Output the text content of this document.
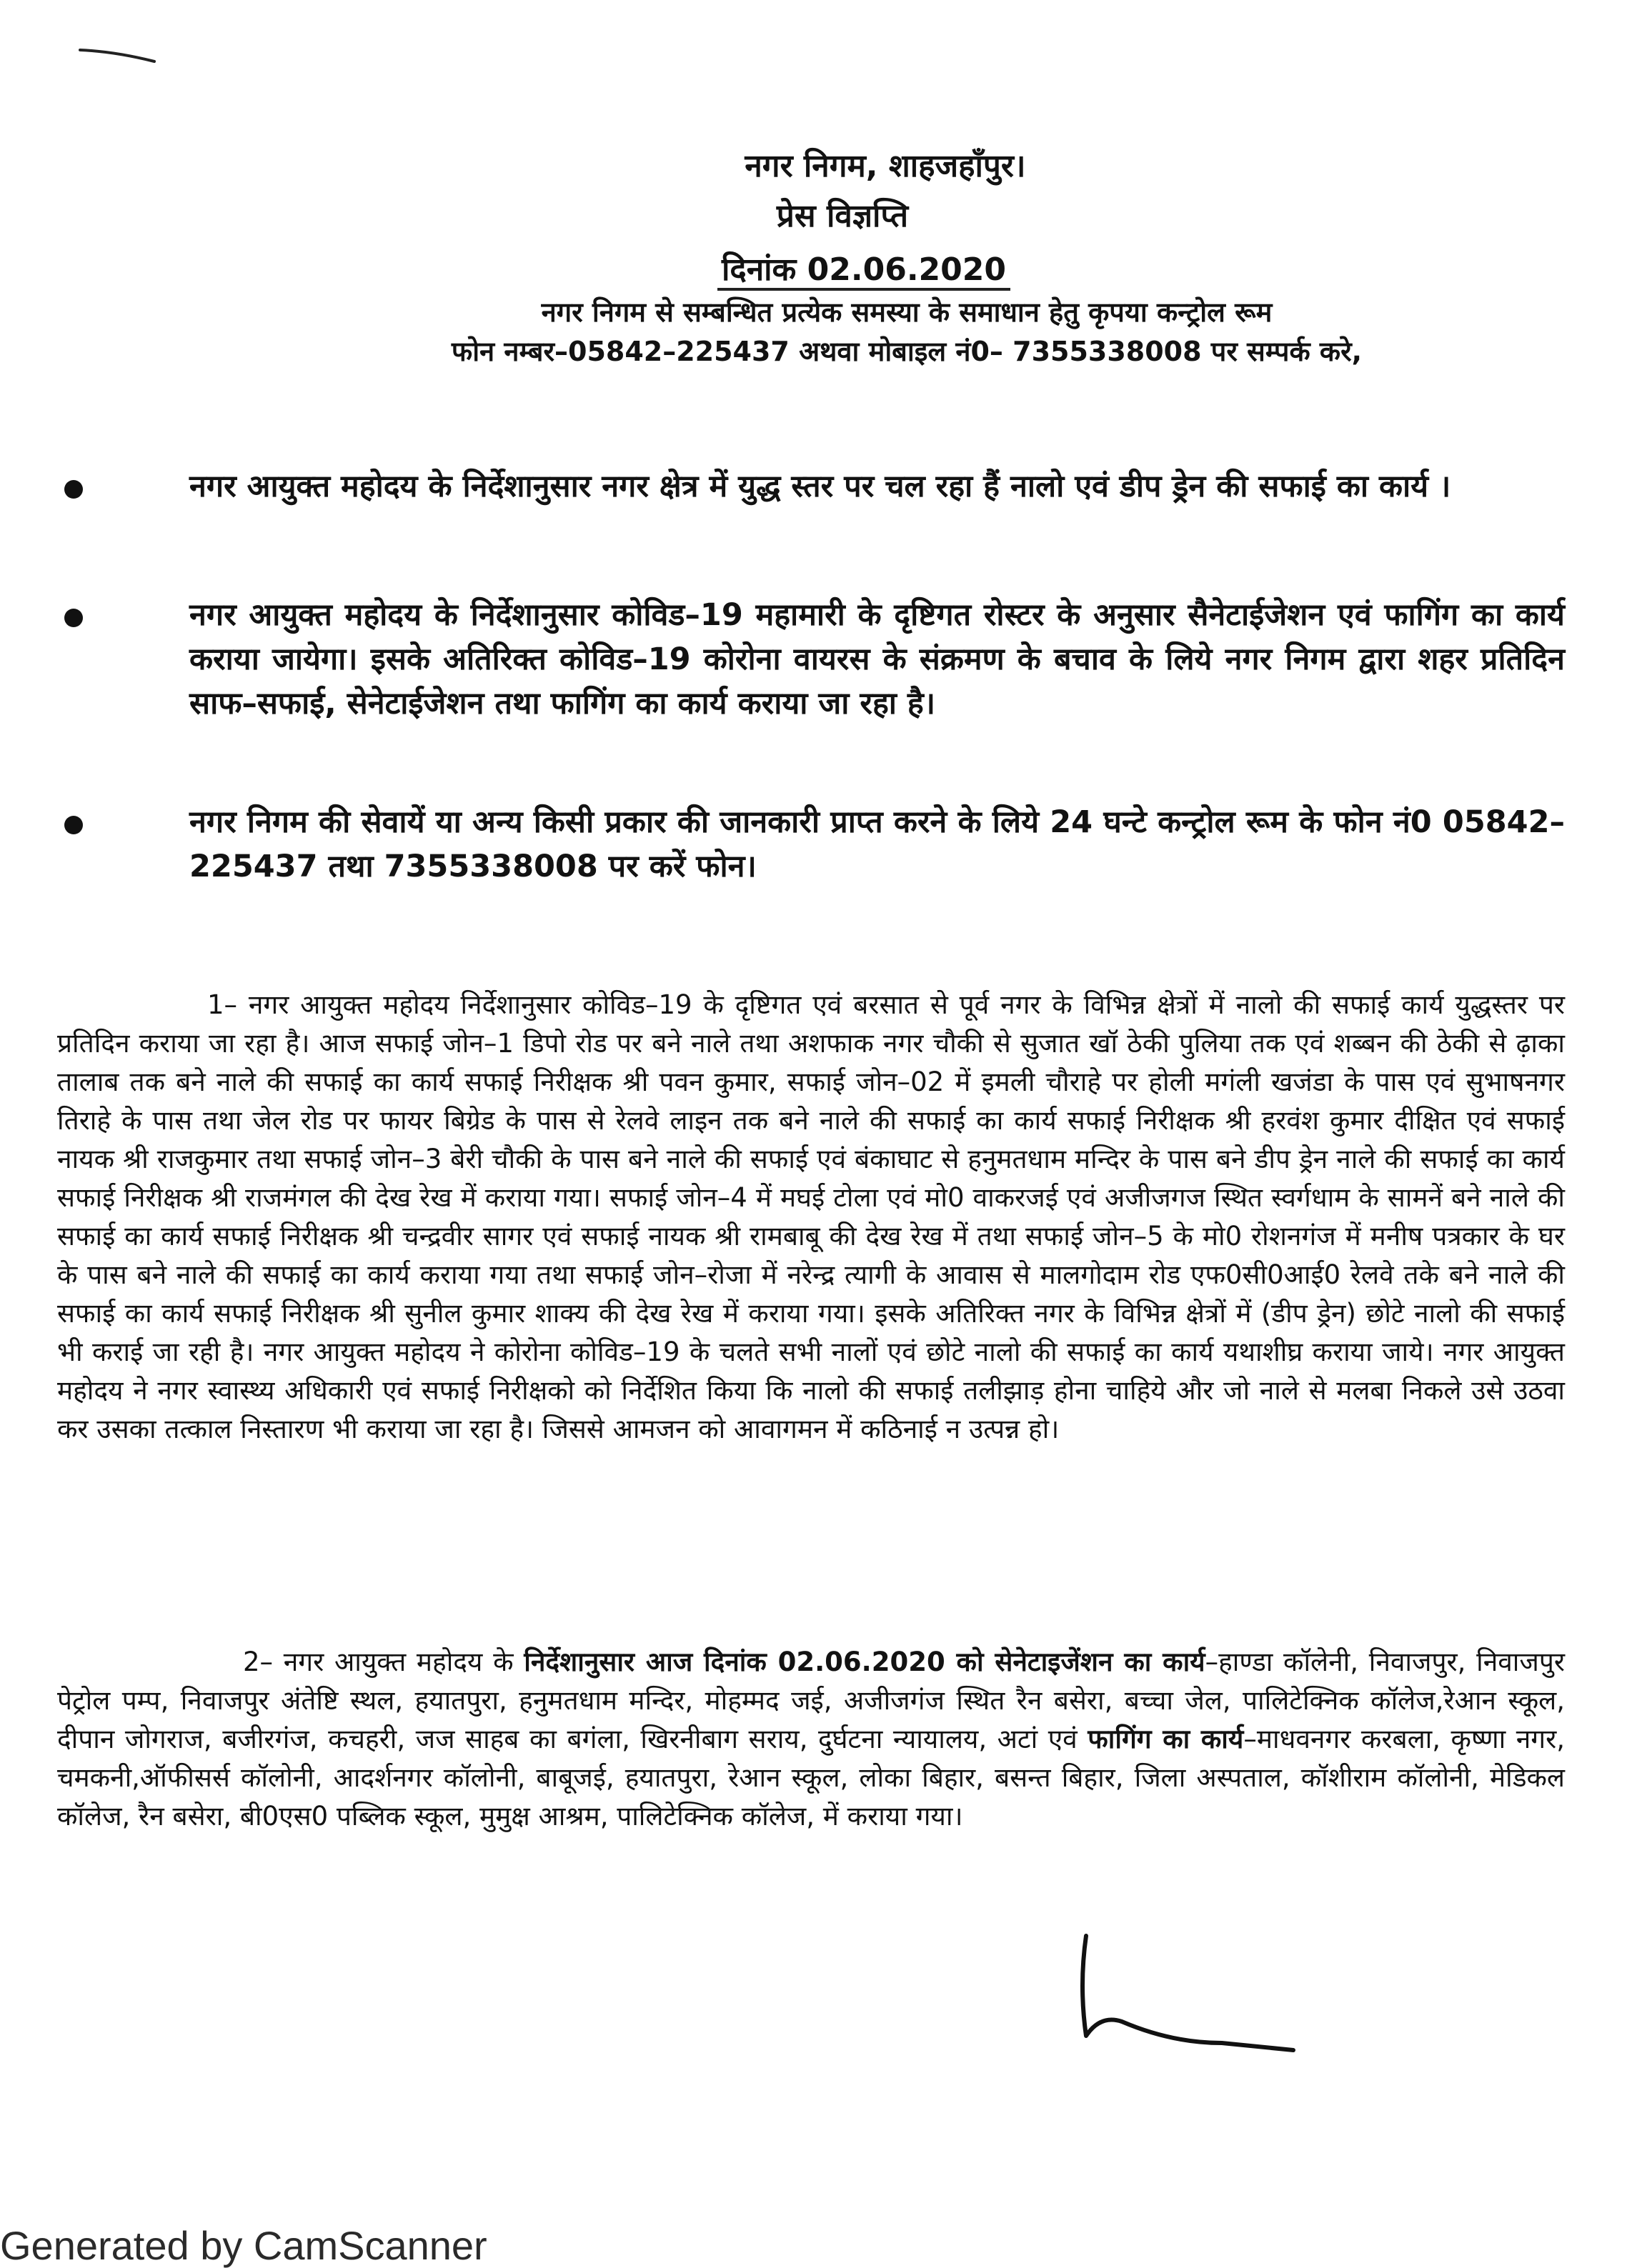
नगर निगम, शाहजहाँपुर।
प्रेस विज्ञप्ति
दिनांक 02.06.2020
नगर निगम से सम्बन्धित प्रत्येक समस्या के समाधान हेतु कृपया कन्ट्रोल रूम
फोन नम्बर–05842–225437 अथवा मोबाइल नं0– 7355338008 पर सम्पर्क करे,

नगर आयुक्त महोदय के निर्देशानुसार नगर क्षेत्र में युद्ध स्तर पर चल रहा हैं नालो एवं डीप ड्रेन की सफाई का कार्य ।

नगर आयुक्त महोदय के निर्देशानुसार कोविड–19 महामारी के दृष्टिगत रोस्टर के अनुसार सैनेटाईजेशन एवं फागिंग का कार्य कराया जायेगा। इसके अतिरिक्त कोविड–19 कोरोना वायरस के संक्रमण के बचाव के लिये नगर निगम द्वारा शहर प्रतिदिन साफ–सफाई, सेनेटाईजेशन तथा फागिंग का कार्य कराया जा रहा है।

नगर निगम की सेवायें या अन्य किसी प्रकार की जानकारी प्राप्त करने के लिये 24 घन्टे कन्ट्रोल रूम के फोन नं0 05842–225437 तथा 7355338008 पर करें फोन।

1– नगर आयुक्त महोदय निर्देशानुसार कोविड–19 के दृष्टिगत एवं बरसात से पूर्व नगर के विभिन्न क्षेत्रों में नालो की सफाई कार्य युद्धस्तर पर प्रतिदिन कराया जा रहा है। आज सफाई जोन–1 डिपो रोड पर बने नाले तथा अशफाक नगर चौकी से सुजात खॉ ठेकी पुलिया तक एवं शब्बन की ठेकी से ढ़ाका तालाब तक बने नाले की सफाई का कार्य सफाई निरीक्षक श्री पवन कुमार, सफाई जोन–02 में इमली चौराहे पर होली मगंली खजंडा के पास एवं सुभाषनगर तिराहे के पास तथा जेल रोड पर फायर बिग्रेड के पास से रेलवे लाइन तक बने नाले की सफाई का कार्य सफाई निरीक्षक श्री हरवंश कुमार दीक्षित एवं सफाई नायक श्री राजकुमार तथा सफाई जोन–3 बेरी चौकी के पास बने नाले की सफाई एवं बंकाघाट से हनुमतधाम मन्दिर के पास बने डीप ड्रेन नाले की सफाई का कार्य सफाई निरीक्षक श्री राजमंगल की देख रेख में कराया गया। सफाई जोन–4 में मघई टोला एवं मो0 वाकरजई एवं अजीजगज स्थित स्वर्गधाम के सामनें बने नाले की सफाई का कार्य सफाई निरीक्षक श्री चन्द्रवीर सागर एवं सफाई नायक श्री रामबाबू की देख रेख में तथा सफाई जोन–5 के मो0 रोशनगंज में मनीष पत्रकार के घर के पास बने नाले की सफाई का कार्य कराया गया तथा सफाई जोन–रोजा में नरेन्द्र त्यागी के आवास से मालगोदाम रोड एफ0सी0आई0 रेलवे तके बने नाले की सफाई का कार्य सफाई निरीक्षक श्री सुनील कुमार शाक्य की देख रेख में कराया गया। इसके अतिरिक्त नगर के विभिन्न क्षेत्रों में (डीप ड्रेन) छोटे नालो की सफाई भी कराई जा रही है। नगर आयुक्त महोदय ने कोरोना कोविड–19 के चलते सभी नालों एवं छोटे नालो की सफाई का कार्य यथाशीघ्र कराया जाये। नगर आयुक्त महोदय ने नगर स्वास्थ्य अधिकारी एवं सफाई निरीक्षको को निर्देशित किया कि नालो की सफाई तलीझाड़ होना चाहिये और जो नाले से मलबा निकले उसे उठवा कर उसका तत्काल निस्तारण भी कराया जा रहा है। जिससे आमजन को आवागमन में कठिनाई न उत्पन्न हो।

2– नगर आयुक्त महोदय के निर्देशानुसार आज दिनांक 02.06.2020 को सेनेटाइजेंशन का कार्य–हाण्डा कॉलेनी, निवाजपुर, निवाजपुर पेट्रोल पम्प, निवाजपुर अंतेष्टि स्थल, हयातपुरा, हनुमतधाम मन्दिर, मोहम्मद जई, अजीजगंज स्थित रैन बसेरा, बच्चा जेल, पालिटेक्निक कॉलेज,रेआन स्कूल, दीपान जोगराज, बजीरगंज, कचहरी, जज साहब का बगंला, खिरनीबाग सराय, दुर्घटना न्यायालय, अटां एवं फागिंग का कार्य–माधवनगर करबला, कृष्णा नगर, चमकनी,ऑफीसर्स कॉलोनी, आदर्शनगर कॉलोनी, बाबूजई, हयातपुरा, रेआन स्कूल, लोका बिहार, बसन्त बिहार, जिला अस्पताल, कॉशीराम कॉलोनी, मेडिकल कॉलेज, रैन बसेरा, बी0एस0 पब्लिक स्कूल, मुमुक्ष आश्रम, पालिटेक्निक कॉलेज, में कराया गया।

Generated by CamScanner
